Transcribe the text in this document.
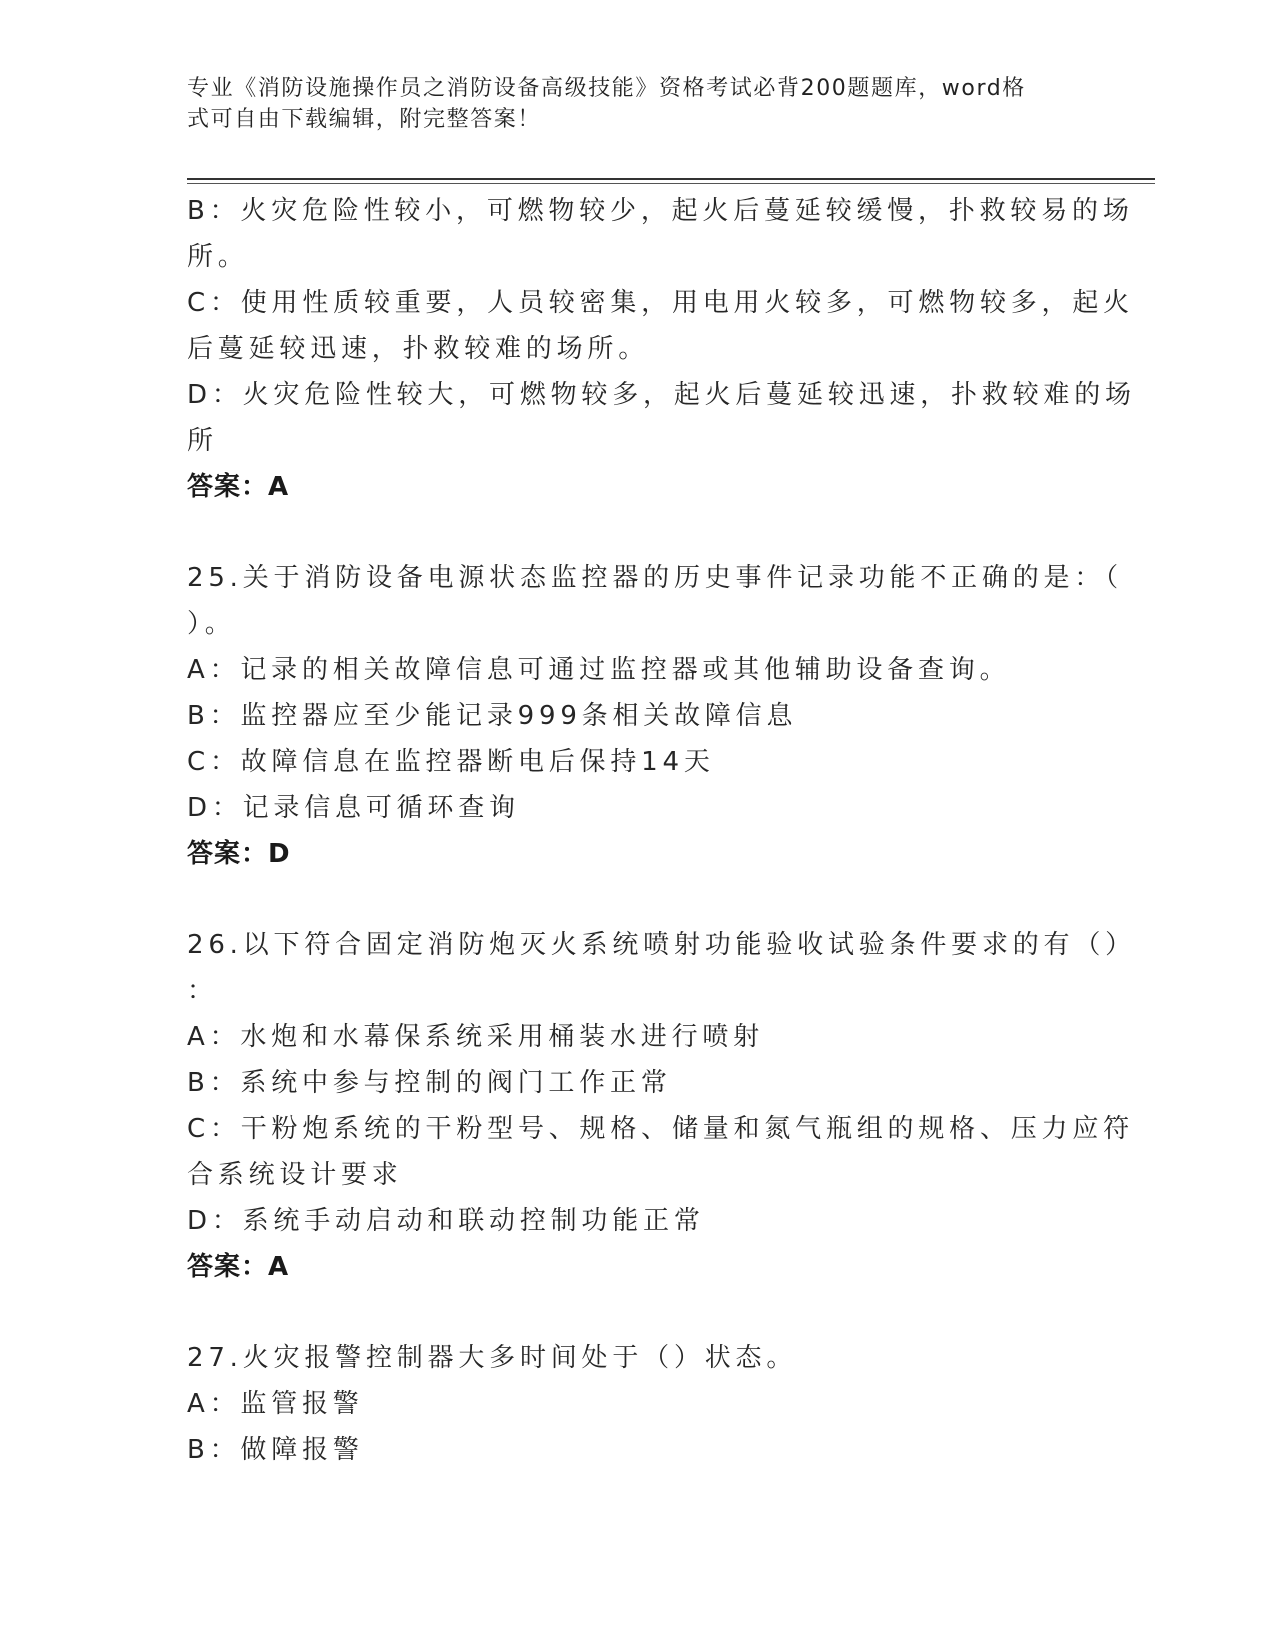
专业《消防设施操作员之消防设备高级技能》资格考试必背200题题库，word格
式可自由下载编辑，附完整答案！
B：火灾危险性较小，可燃物较少，起火后蔓延较缓慢，扑救较易的场
所。
C：使用性质较重要，人员较密集，用电用火较多，可燃物较多，起火
后蔓延较迅速，扑救较难的场所。
D：火灾危险性较大，可燃物较多，起火后蔓延较迅速，扑救较难的场
所
答案：A
25.关于消防设备电源状态监控器的历史事件记录功能不正确的是：（
）。
A：记录的相关故障信息可通过监控器或其他辅助设备查询。
B：监控器应至少能记录999条相关故障信息
C：故障信息在监控器断电后保持14天
D：记录信息可循环查询
答案：D
26.以下符合固定消防炮灭火系统喷射功能验收试验条件要求的有（）
：
A：水炮和水幕保系统采用桶装水进行喷射
B：系统中参与控制的阀门工作正常
C：干粉炮系统的干粉型号、规格、储量和氮气瓶组的规格、压力应符
合系统设计要求
D：系统手动启动和联动控制功能正常
答案：A
27.火灾报警控制器大多时间处于（）状态。
A：监管报警
B：做障报警
